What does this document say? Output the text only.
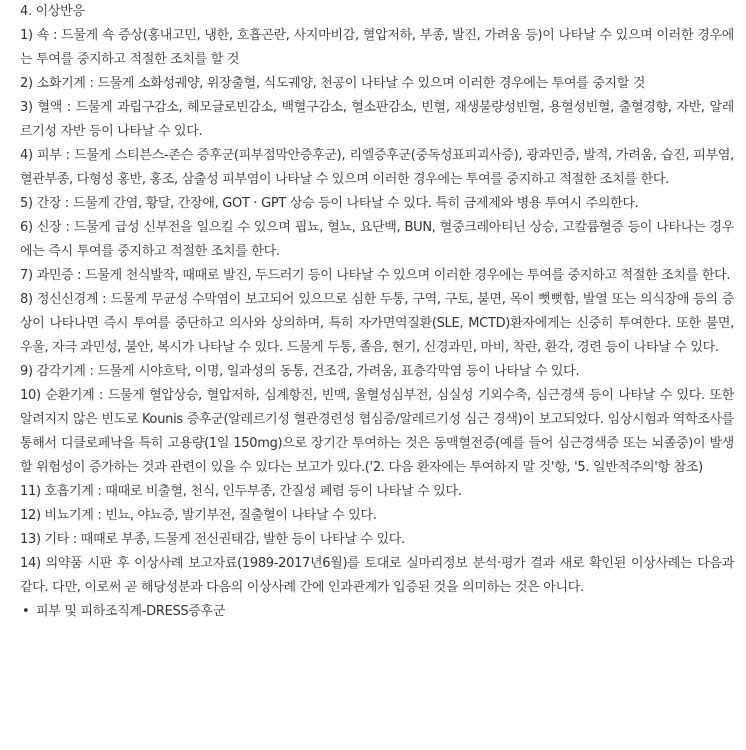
4. 이상반응

1) 쇽 : 드물게 쇽 증상(홍내고민, 냉한, 호흡곤란, 사지마비감, 혈압저하, 부종, 발진, 가려움 등)이 나타날 수 있으며 이러한 경우에는 투여를 중지하고 적절한 조치를 할 것

2) 소화기계 : 드물게 소화성궤양, 위장출혈, 식도궤양, 천공이 나타날 수 있으며 이러한 경우에는 투여를 중지할 것

3) 혈액 : 드물게 과립구감소, 헤모글로빈감소, 백혈구감소, 혈소판감소, 빈혈, 재생불량성빈혈, 용혈성빈혈, 출혈경향, 자반, 알레르기성 자반 등이 나타날 수 있다.

4) 피부 : 드물게 스티븐스-존슨 증후군(피부점막안증후군), 리엘증후군(중독성표피괴사증), 광과민증, 발적, 가려움, 습진, 피부염, 혈관부종, 다형성 홍반, 홍조, 삼출성 피부염이 나타날 수 있으며 이러한 경우에는 투여를 중지하고 적절한 조치를 한다.

5) 간장 : 드물게 간염, 황달, 간장애, GOT · GPT 상승 등이 나타날 수 있다. 특히 금제제와 병용 투여시 주의한다.

6) 신장 : 드물게 급성 신부전을 일으킬 수 있으며 핍뇨, 혈뇨, 요단백, BUN, 혈중크레아티닌 상승, 고칼륨혈증 등이 나타나는 경우에는 즉시 투여를 중지하고 적절한 조치를 한다.

7) 과민증 : 드물게 천식발작, 때때로 발진, 두드러기 등이 나타날 수 있으며 이러한 경우에는 투여를 중지하고 적절한 조치를 한다.

8) 정신신경계 : 드물게 무균성 수막염이 보고되어 있으므로 심한 두통, 구역, 구토, 불면, 목이 뻣뻣함, 발열 또는 의식장애 등의 증상이 나타나면 즉시 투여를 중단하고 의사와 상의하며, 특히 자가면역질환(SLE, MCTD)환자에게는 신중히 투여한다. 또한 불면, 우울, 자극 과민성, 불안, 복시가 나타날 수 있다. 드물게 두통, 졸음, 현기, 신경과민, 마비, 착란, 환각, 경련 등이 나타날 수 있다.

9) 감각기계 : 드물게 시야흐탁, 이명, 일과성의 동통, 건조감, 가려움, 표층각막염 등이 나타날 수 있다.

10) 순환기계 : 드물게 혈압상승, 혈압저하, 심계항진, 빈맥, 울혈성심부전, 심실성 기외수축, 심근경색 등이 나타날 수 있다. 또한 알려지지 않은 빈도로 Kounis 증후군(알레르기성 혈관경련성 협심증/알레르기성 심근 경색)이 보고되었다. 임상시험과 역학조사를 통해서 디클로페낙을 특히 고용량(1일 150mg)으로 장기간 투여하는 것은 동맥혈전증(예를 들어 심근경색증 또는 뇌졸중)이 발생할 위험성이 증가하는 것과 관련이 있을 수 있다는 보고가 있다.('2. 다음 환자에는 투여하지 말 것'항, '5. 일반적주의'항 참조)

11) 호흡기계 : 때때로 비출혈, 천식, 인두부종, 간질성 폐렴 등이 나타날 수 있다.

12) 비뇨기계 : 빈뇨, 야뇨증, 발기부전, 질출혈이 나타날 수 있다.

13) 기타 : 때때로 부종, 드물게 전신권태감, 발한 등이 나타날 수 있다.

14) 의약품 시판 후 이상사례 보고자료(1989-2017년6월)를 토대로 실마리정보 분석·평가 결과 새로 확인된 이상사례는 다음과 같다. 다만, 이로써 곧 해당성분과 다음의 이상사례 간에 인과관계가 입증된 것을 의미하는 것은 아니다.

• 피부 및 피하조직계-DRESS증후군
